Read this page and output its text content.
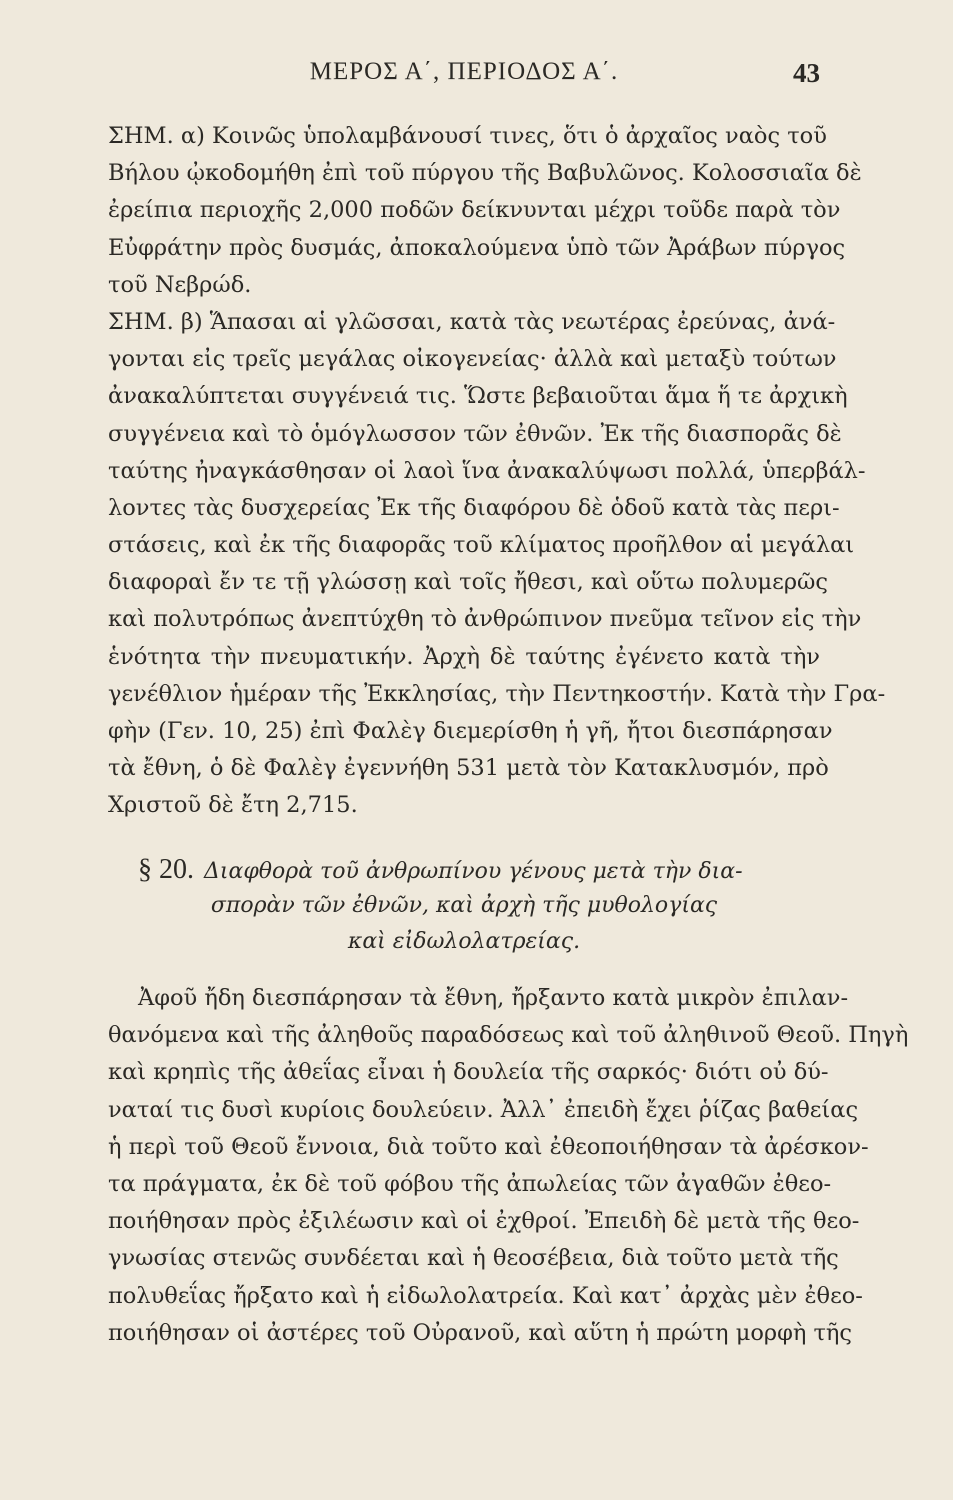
ΜΕΡΟΣ Α΄, ΠΕΡΙΟΔΟΣ Α΄.	43
ΣΗΜ. α) Κοινῶς ὑπολαμβάνουσί τινες, ὅτι ὁ ἀρχαῖος ναὸς τοῦ
Βήλου ᾠκοδομήθη ἐπὶ τοῦ πύργου τῆς Βαβυλῶνος. Κολοσσιαῖα δὲ
ἐρείπια περιοχῆς 2,000 ποδῶν δείκνυνται μέχρι τοῦδε παρὰ τὸν
Εὐφράτην πρὸς δυσμάς, ἀποκαλούμενα ὑπὸ τῶν Ἀράβων πύργος
τοῦ Νεβρώδ.
ΣΗΜ. β) Ἅπασαι αἱ γλῶσσαι, κατὰ τὰς νεωτέρας ἐρεύνας, ἀνά-
γονται εἰς τρεῖς μεγάλας οἰκογενείας· ἀλλὰ καὶ μεταξὺ τούτων
ἀνακαλύπτεται συγγένειά τις. Ὥστε βεβαιοῦται ἅμα ἥ τε ἀρχικὴ
συγγένεια καὶ τὸ ὁμόγλωσσον τῶν ἐθνῶν. Ἐκ τῆς διασπορᾶς δὲ
ταύτης ἠναγκάσθησαν οἱ λαοὶ ἵνα ἀνακαλύψωσι πολλά, ὑπερβάλ-
λοντες τὰς δυσχερείας Ἐκ τῆς διαφόρου δὲ ὁδοῦ κατὰ τὰς περι-
στάσεις, καὶ ἐκ τῆς διαφορᾶς τοῦ κλίματος προῆλθον αἱ μεγάλαι
διαφοραὶ ἔν τε τῇ γλώσσῃ καὶ τοῖς ἤθεσι, καὶ οὕτω πολυμερῶς
καὶ πολυτρόπως ἀνεπτύχθη τὸ ἀνθρώπινον πνεῦμα τεῖνον εἰς τὴν
ἑνότητα τὴν πνευματικήν. Ἀρχὴ δὲ ταύτης ἐγένετο κατὰ τὴν
γενέθλιον ἡμέραν τῆς Ἐκκλησίας, τὴν Πεντηκοστήν. Κατὰ τὴν Γρα-
φὴν (Γεν. 10, 25) ἐπὶ Φαλὲγ διεμερίσθη ἡ γῆ, ἤτοι διεσπάρησαν
τὰ ἔθνη, ὁ δὲ Φαλὲγ ἐγεννήθη 531 μετὰ τὸν Κατακλυσμόν, πρὸ
Χριστοῦ δὲ ἔτη 2,715.
§ 20. Διαφθορὰ τοῦ ἀνθρωπίνου γένους μετὰ τὴν δια-
σπορὰν τῶν ἐθνῶν, καὶ ἀρχὴ τῆς μυθολογίας
καὶ εἰδωλολατρείας.
Ἀφοῦ ἤδη διεσπάρησαν τὰ ἔθνη, ἤρξαντο κατὰ μικρὸν ἐπιλαν-
θανόμενα καὶ τῆς ἀληθοῦς παραδόσεως καὶ τοῦ ἀληθινοῦ Θεοῦ. Πηγὴ
καὶ κρηπὶς τῆς ἀθεΐας εἶναι ἡ δουλεία τῆς σαρκός· διότι οὐ δύ-
ναταί τις δυσὶ κυρίοις δουλεύειν. Ἀλλ᾽ ἐπειδὴ ἔχει ῥίζας βαθείας
ἡ περὶ τοῦ Θεοῦ ἔννοια, διὰ τοῦτο καὶ ἐθεοποιήθησαν τὰ ἀρέσκον-
τα πράγματα, ἐκ δὲ τοῦ φόβου τῆς ἀπωλείας τῶν ἀγαθῶν ἐθεο-
ποιήθησαν πρὸς ἐξιλέωσιν καὶ οἱ ἐχθροί. Ἐπειδὴ δὲ μετὰ τῆς θεο-
γνωσίας στενῶς συνδέεται καὶ ἡ θεοσέβεια, διὰ τοῦτο μετὰ τῆς
πολυθεΐας ἤρξατο καὶ ἡ εἰδωλολατρεία. Καὶ κατ᾽ ἀρχὰς μὲν ἐθεο-
ποιήθησαν οἱ ἀστέρες τοῦ Οὐρανοῦ, καὶ αὕτη ἡ πρώτη μορφὴ τῆς
